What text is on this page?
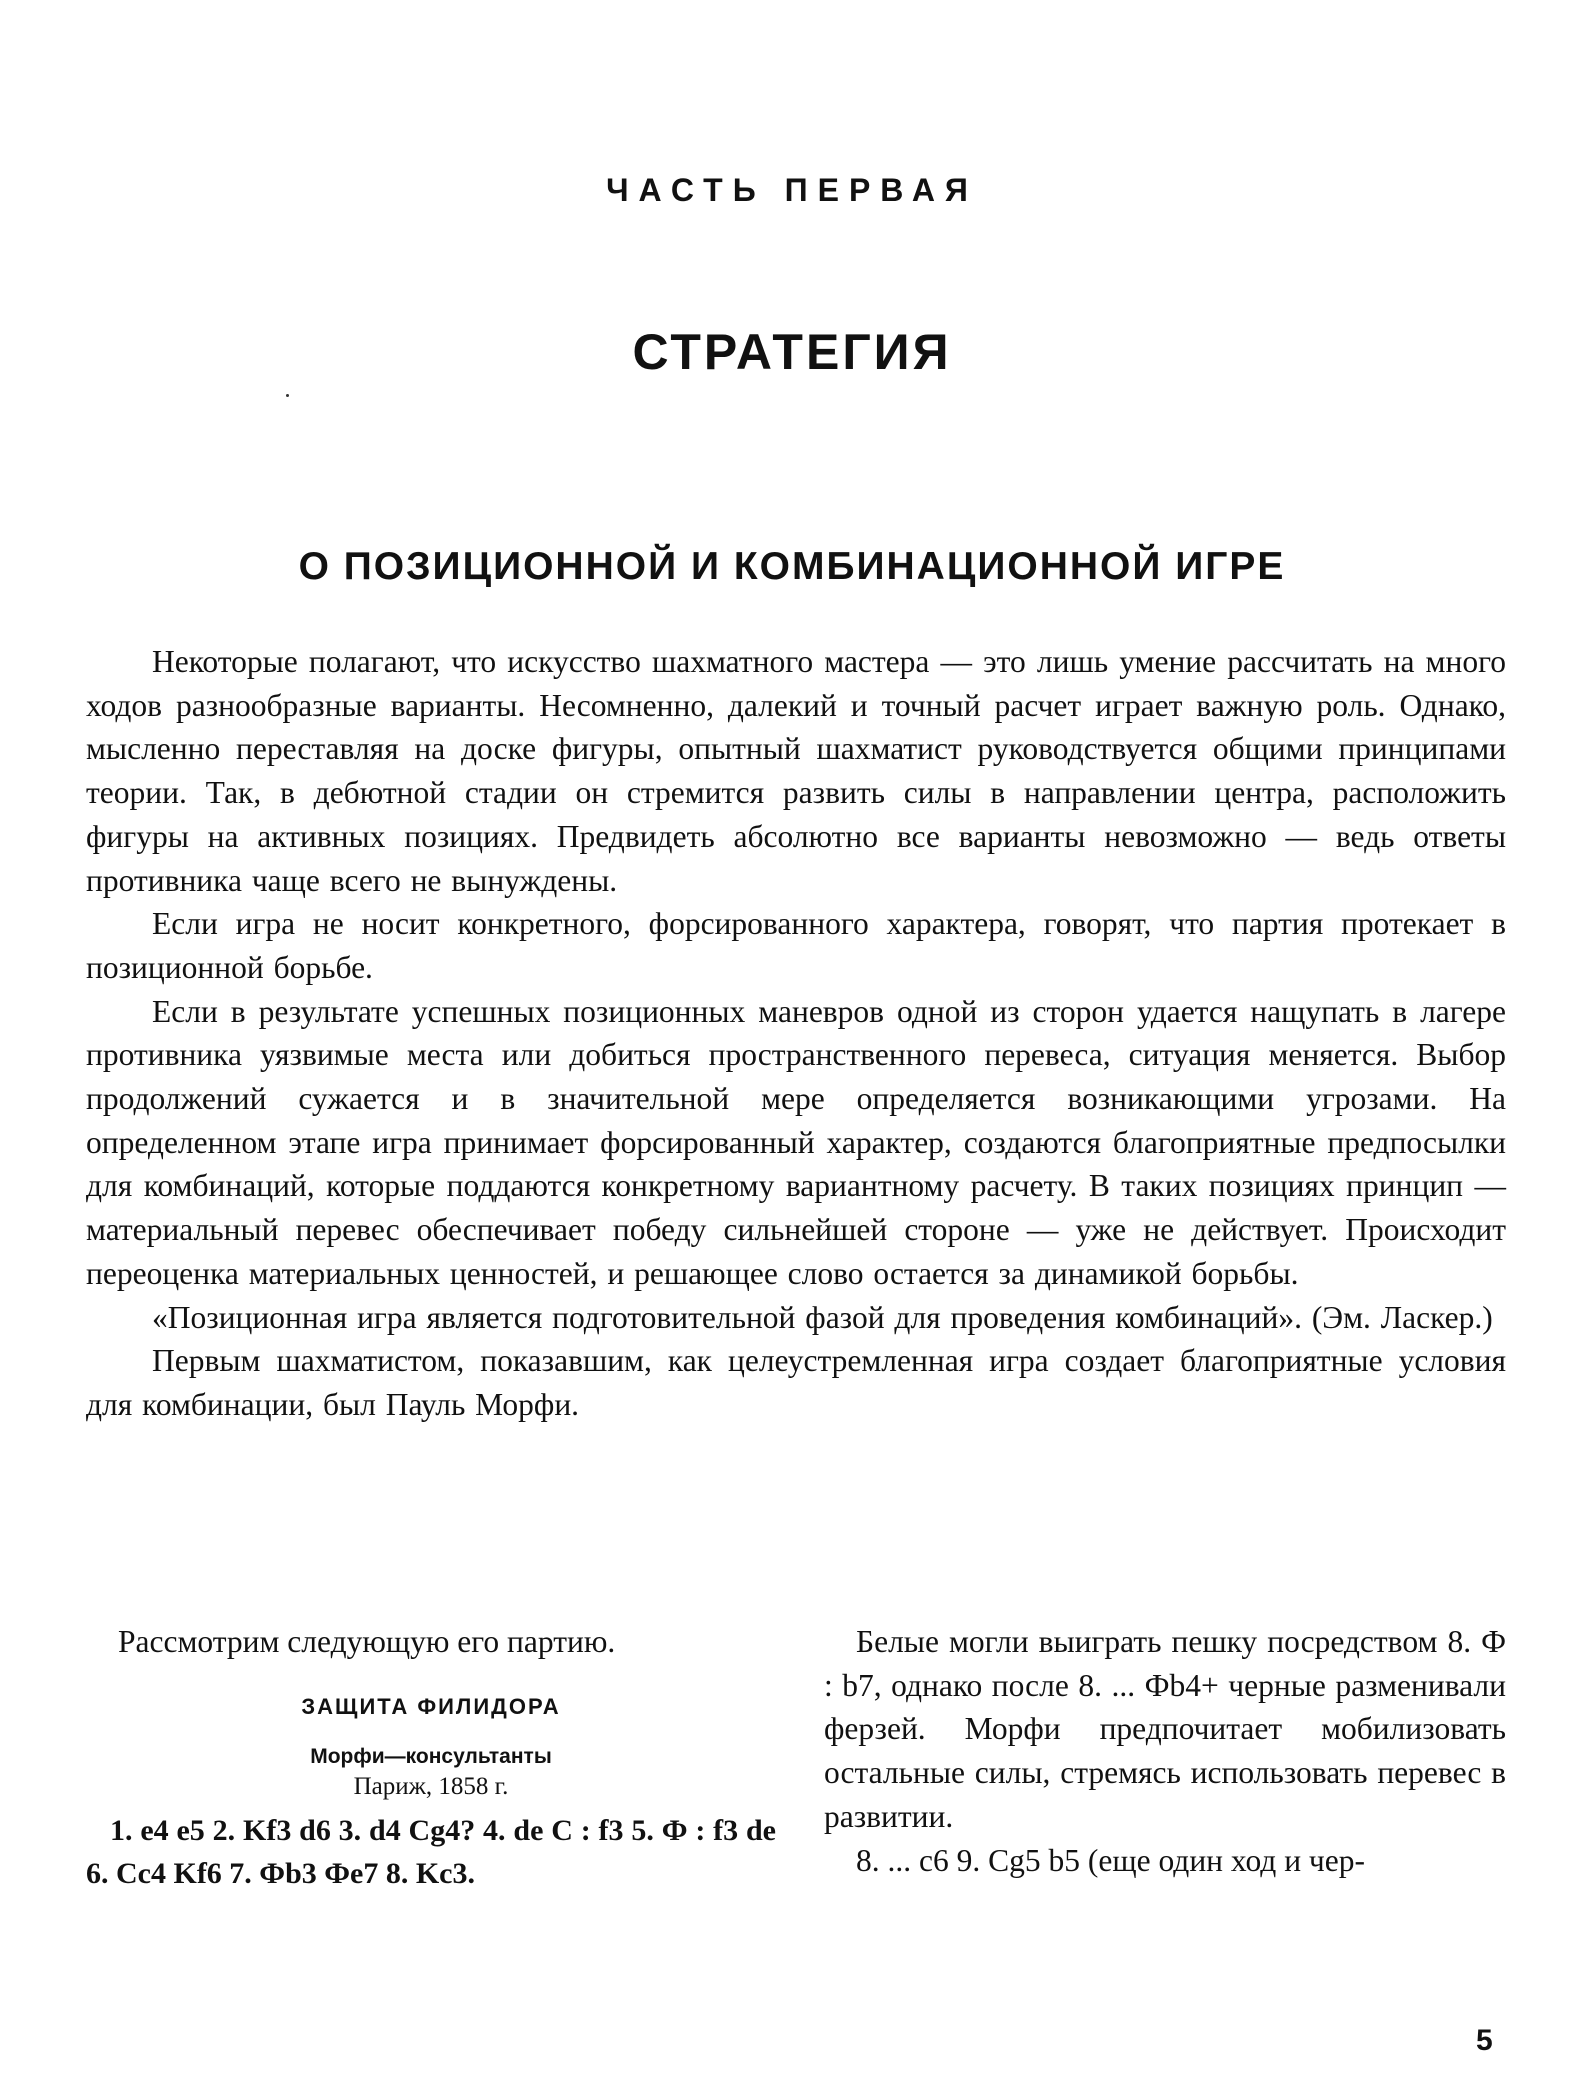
ЧАСТЬ ПЕРВАЯ
СТРАТЕГИЯ
О ПОЗИЦИОННОЙ И КОМБИНАЦИОННОЙ ИГРЕ

Некоторые полагают, что искусство шахматного мастера — это лишь умение рассчитать на много ходов разнообразные варианты. Несомненно, далекий и точный расчет играет важную роль. Однако, мысленно переставляя на доске фигуры, опытный шахматист руководствуется общими принципами теории. Так, в дебютной стадии он стремится развить силы в направлении центра, расположить фигуры на активных позициях. Предвидеть абсолютно все варианты невозможно — ведь ответы противника чаще всего не вынуждены.

Если игра не носит конкретного, форсированного характера, говорят, что партия протекает в позиционной борьбе.

Если в результате успешных позиционных маневров одной из сторон удается нащупать в лагере противника уязвимые места или добиться пространственного перевеса, ситуация меняется. Выбор продолжений сужается и в значительной мере определяется возникающими угрозами. На определенном этапе игра принимает форсированный характер, создаются благоприятные предпосылки для комбинаций, которые поддаются конкретному вариантному расчету. В таких позициях принцип — материальный перевес обеспечивает победу сильнейшей стороне — уже не действует. Происходит переоценка материальных ценностей, и решающее слово остается за динамикой борьбы.

«Позиционная игра является подготовительной фазой для проведения комбинаций». (Эм. Ласкер.)

Первым шахматистом, показавшим, как целеустремленная игра создает благоприятные условия для комбинации, был Пауль Морфи.

Рассмотрим следующую его партию.

ЗАЩИТА ФИЛИДОРА
Морфи—консультанты
Париж, 1858 г.
1. e4 e5 2. Kf3 d6 3. d4 Cg4? 4. de C : f3 5. Ф : f3 de 6. Cc4 Kf6 7. Фb3 Фe7 8. Kc3.

Белые могли выиграть пешку посредством 8. Ф : b7, однако после 8. ... Фb4+ черные разменивали ферзей. Морфи предпочитает мобилизовать остальные силы, стремясь использовать перевес в развитии.

8. ... c6 9. Cg5 b5 (еще один ход и чер-

5
